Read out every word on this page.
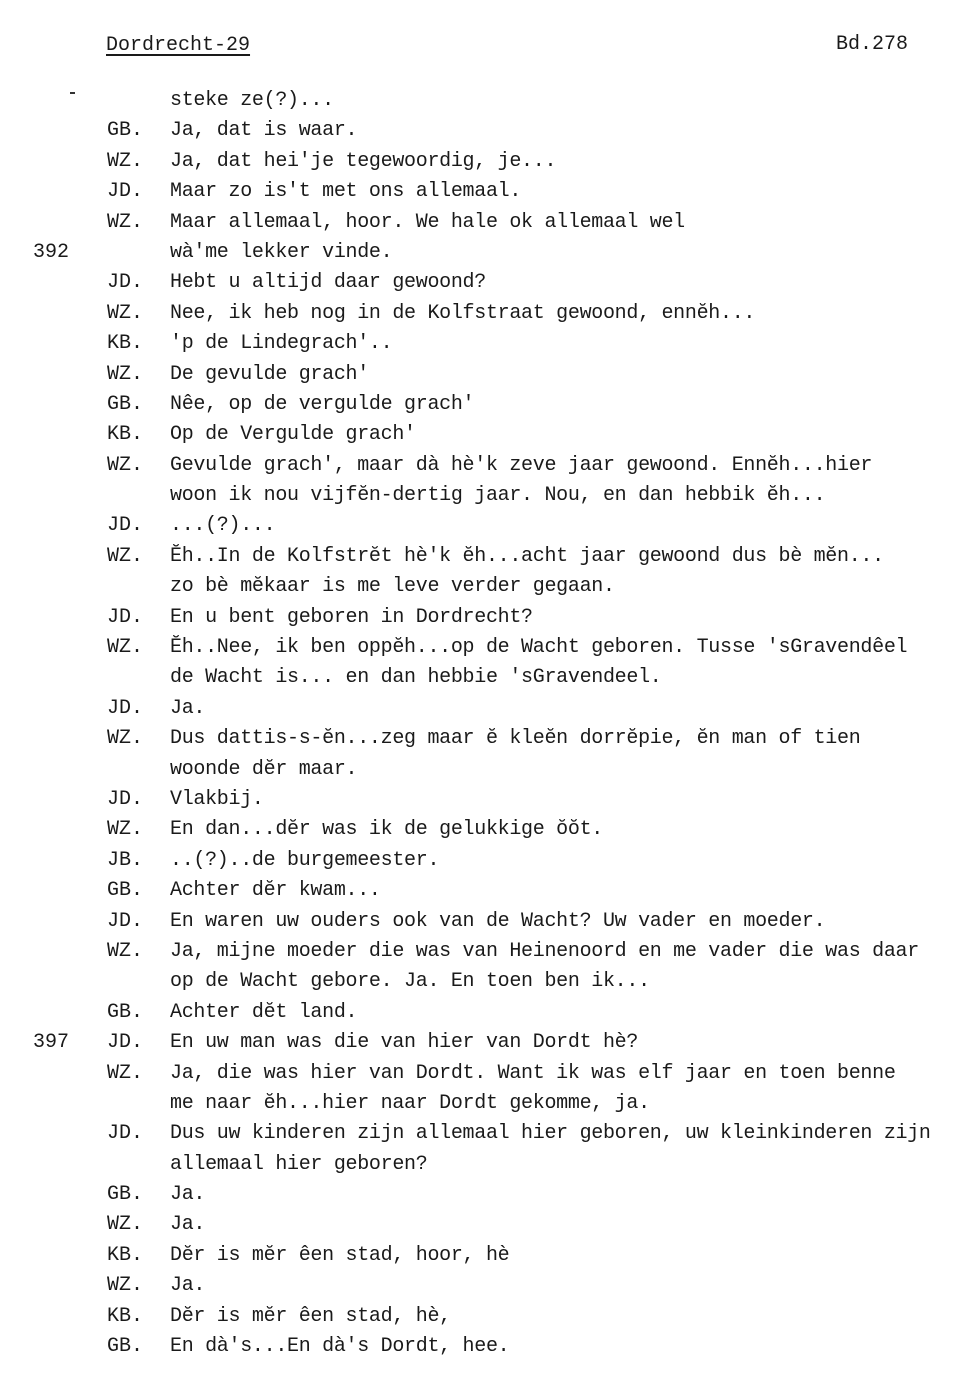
Dordrecht-29	Bd.278
steke ze(?)...
GB. Ja, dat is waar.
WZ. Ja, dat hei'je tegewoordig, je...
JD. Maar zo is't met ons allemaal.
WZ. Maar allemaal, hoor. We hale ok allemaal wel
392	wà'me lekker vinde.
JD. Hebt u altijd daar gewoond?
WZ. Nee, ik heb nog in de Kolfstraat gewoond, ennĕh...
KB. 'p de Lindegrach'..
WZ. De gevulde grach'
GB. Nêe, op de vergulde grach'
KB. Op de Vergulde grach'
WZ. Gevulde grach', maar dà hè'k zeve jaar gewoond. Ennĕh...hier
woon ik nou vijfĕn-dertig jaar. Nou, en dan hebbik ĕh...
JD. ...(?)...
WZ. Ĕh..In de Kolfstrĕt hè'k ĕh...acht jaar gewoond dus bè mĕn...
zo bè mĕkaar is me leve verder gegaan.
JD. En u bent geboren in Dordrecht?
WZ. Ĕh..Nee, ik ben oppĕh...op de Wacht geboren. Tusse 'sGravendêel
de Wacht is... en dan hebbie 'sGravendeel.
JD. Ja.
WZ. Dus dattis-s-ĕn...zeg maar ĕ kleĕn dorrĕpie, ĕn man of tien
woonde dĕr maar.
JD. Vlakbij.
WZ. En dan...dĕr was ik de gelukkige ŏŏt.
JB. ..(?)..de burgemeester.
GB. Achter dĕr kwam...
JD. En waren uw ouders ook van de Wacht? Uw vader en moeder.
WZ. Ja, mijne moeder die was van Heinenoord en me vader die was daar
op de Wacht gebore. Ja. En toen ben ik...
GB. Achter dĕt land.
397 JD. En uw man was die van hier van Dordt hè?
WZ. Ja, die was hier van Dordt. Want ik was elf jaar en toen benne
me naar ĕh...hier naar Dordt gekomme, ja.
JD. Dus uw kinderen zijn allemaal hier geboren, uw kleinkinderen zijn
allemaal hier geboren?
GB. Ja.
WZ. Ja.
KB. Dĕr is mĕr êen stad, hoor, hè
WZ. Ja.
KB. Dĕr is mĕr êen stad, hè,
GB. En dà's...En dà's Dordt, hee.
